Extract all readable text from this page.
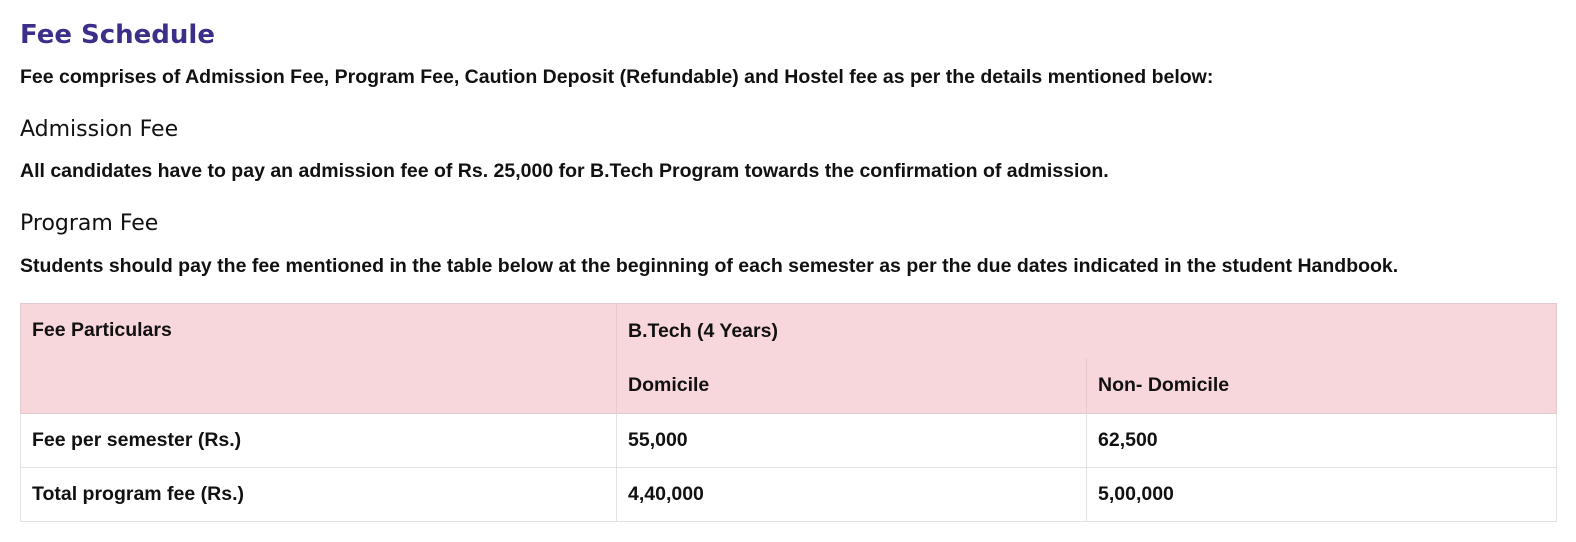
Fee Schedule

Fee comprises of Admission Fee, Program Fee, Caution Deposit (Refundable) and Hostel fee as per the details mentioned below:

Admission Fee

All candidates have to pay an admission fee of Rs. 25,000 for B.Tech Program towards the confirmation of admission.

Program Fee

Students should pay the fee mentioned in the table below at the beginning of each semester as per the due dates indicated in the student Handbook.

Fee Particulars	B.Tech (4 Years)	
	Domicile	Non- Domicile
Fee per semester (Rs.)	55,000	62,500
Total program fee (Rs.)	4,40,000	5,00,000
